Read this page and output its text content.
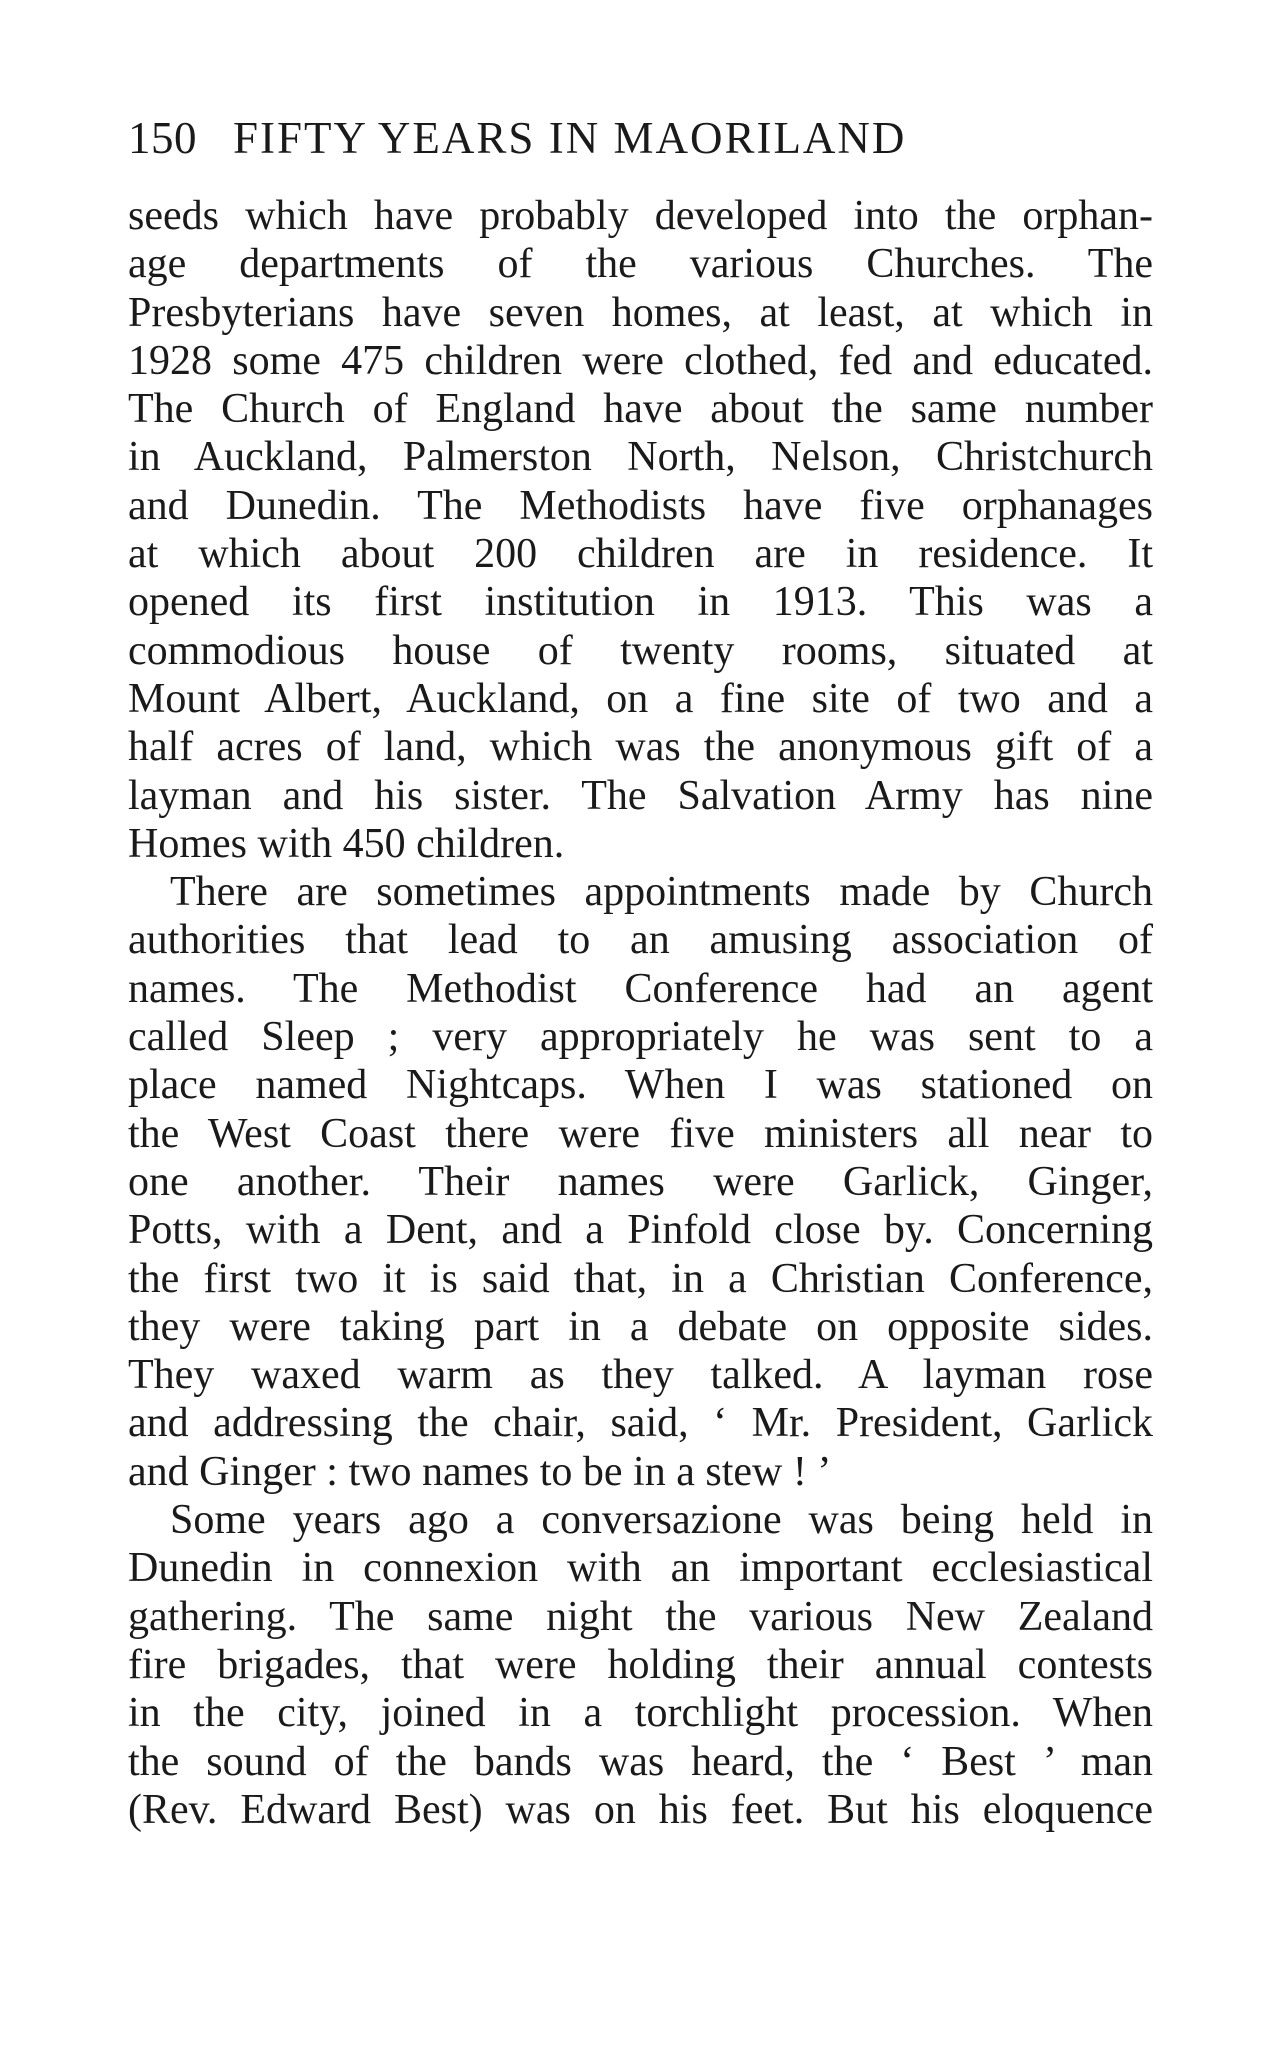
150 FIFTY YEARS IN MAORILAND
seeds which have probably developed into the orphan-
age departments of the various Churches. The
Presbyterians have seven homes, at least, at which in
1928 some 475 children were clothed, fed and educated.
The Church of England have about the same number
in Auckland, Palmerston North, Nelson, Christchurch
and Dunedin. The Methodists have five orphanages
at which about 200 children are in residence. It
opened its first institution in 1913. This was a
commodious house of twenty rooms, situated at
Mount Albert, Auckland, on a fine site of two and a
half acres of land, which was the anonymous gift of a
layman and his sister. The Salvation Army has nine
Homes with 450 children.
There are sometimes appointments made by Church
authorities that lead to an amusing association of
names. The Methodist Conference had an agent
called Sleep ; very appropriately he was sent to a
place named Nightcaps. When I was stationed on
the West Coast there were five ministers all near to
one another. Their names were Garlick, Ginger,
Potts, with a Dent, and a Pinfold close by. Concerning
the first two it is said that, in a Christian Conference,
they were taking part in a debate on opposite sides.
They waxed warm as they talked. A layman rose
and addressing the chair, said, ‘ Mr. President, Garlick
and Ginger : two names to be in a stew ! ’
Some years ago a conversazione was being held in
Dunedin in connexion with an important ecclesiastical
gathering. The same night the various New Zealand
fire brigades, that were holding their annual contests
in the city, joined in a torchlight procession. When
the sound of the bands was heard, the ‘ Best ’ man
(Rev. Edward Best) was on his feet. But his eloquence
